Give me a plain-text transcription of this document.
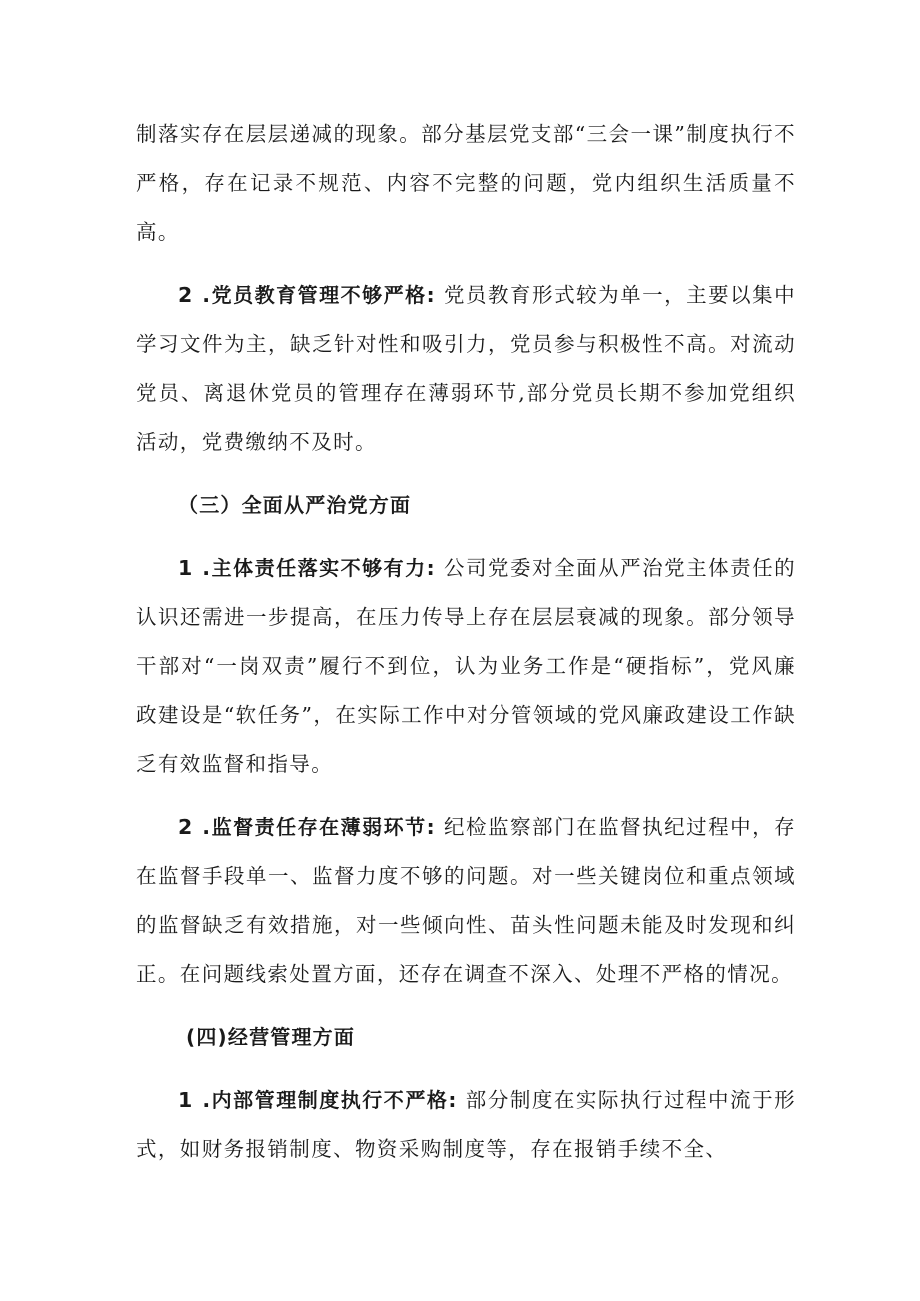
制落实存在层层递减的现象。部分基层党支部“三会一课”制度执行不严格，存在记录不规范、内容不完整的问题，党内组织生活质量不高。

2 .党员教育管理不够严格: 党员教育形式较为单一，主要以集中学习文件为主，缺乏针对性和吸引力，党员参与积极性不高。对流动党员、离退休党员的管理存在薄弱环节,部分党员长期不参加党组织活动，党费缴纳不及时。

（三）全面从严治党方面

1 .主体责任落实不够有力: 公司党委对全面从严治党主体责任的认识还需进一步提高，在压力传导上存在层层衰减的现象。部分领导干部对“一岗双责”履行不到位，认为业务工作是“硬指标”，党风廉政建设是“软任务”，在实际工作中对分管领域的党风廉政建设工作缺乏有效监督和指导。

2 .监督责任存在薄弱环节: 纪检监察部门在监督执纪过程中，存在监督手段单一、监督力度不够的问题。对一些关键岗位和重点领域的监督缺乏有效措施，对一些倾向性、苗头性问题未能及时发现和纠正。在问题线索处置方面，还存在调查不深入、处理不严格的情况。

(四)经营管理方面

1 .内部管理制度执行不严格: 部分制度在实际执行过程中流于形式，如财务报销制度、物资采购制度等，存在报销手续不全、
